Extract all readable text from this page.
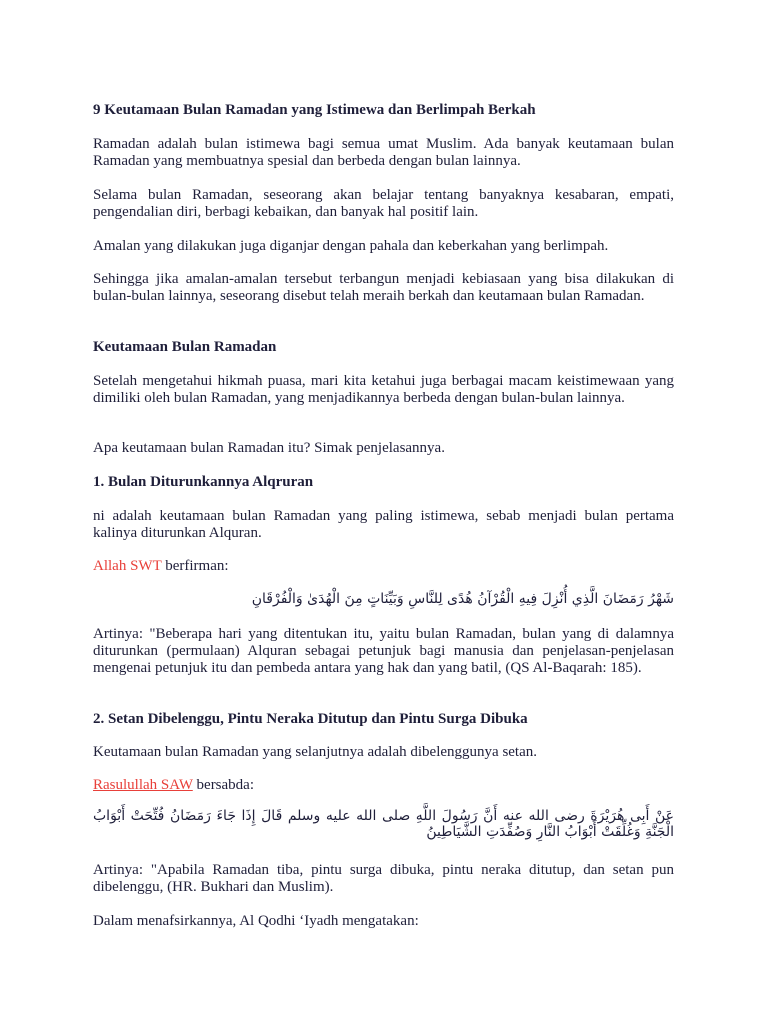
9 Keutamaan Bulan Ramadan yang Istimewa dan Berlimpah Berkah
Ramadan adalah bulan istimewa bagi semua umat Muslim. Ada banyak keutamaan bulan Ramadan yang membuatnya spesial dan berbeda dengan bulan lainnya.
Selama bulan Ramadan, seseorang akan belajar tentang banyaknya kesabaran, empati, pengendalian diri, berbagi kebaikan, dan banyak hal positif lain.
Amalan yang dilakukan juga diganjar dengan pahala dan keberkahan yang berlimpah.
Sehingga jika amalan-amalan tersebut terbangun menjadi kebiasaan yang bisa dilakukan di bulan-bulan lainnya, seseorang disebut telah meraih berkah dan keutamaan bulan Ramadan.
Keutamaan Bulan Ramadan
Setelah mengetahui hikmah puasa, mari kita ketahui juga berbagai macam keistimewaan yang dimiliki oleh bulan Ramadan, yang menjadikannya berbeda dengan bulan-bulan lainnya.
Apa keutamaan bulan Ramadan itu? Simak penjelasannya.
1. Bulan Diturunkannya Alqruran
ni adalah keutamaan bulan Ramadan yang paling istimewa, sebab menjadi bulan pertama kalinya diturunkan Alquran.
Allah SWT berfirman:
شَهْرُ رَمَضَانَ الَّذِي أُنْزِلَ فِيهِ الْقُرْآنُ هُدًى لِلنَّاسِ وَبَيِّنَاتٍ مِنَ الْهُدَىٰ وَالْفُرْقَانِ
Artinya: "Beberapa hari yang ditentukan itu, yaitu bulan Ramadan, bulan yang di dalamnya diturunkan (permulaan) Alquran sebagai petunjuk bagi manusia dan penjelasan-penjelasan mengenai petunjuk itu dan pembeda antara yang hak dan yang batil, (QS Al-Baqarah: 185).
2. Setan Dibelenggu, Pintu Neraka Ditutup dan Pintu Surga Dibuka
Keutamaan bulan Ramadan yang selanjutnya adalah dibelenggunya setan.
Rasulullah SAW bersabda:
عَنْ أَبِى هُرَيْرَةَ رضى الله عنه أَنَّ رَسُولَ اللَّهِ صلى الله عليه وسلم قَالَ إِذَا جَاءَ رَمَضَانُ فُتِّحَتْ أَبْوَابُ الْجَنَّةِ وَغُلِّقَتْ أَبْوَابُ النَّارِ وَصُفِّدَتِ الشَّيَاطِينُ
Artinya: "Apabila Ramadan tiba, pintu surga dibuka, pintu neraka ditutup, dan setan pun dibelenggu, (HR. Bukhari dan Muslim).
Dalam menafsirkannya, Al Qodhi ‘Iyadh mengatakan:
